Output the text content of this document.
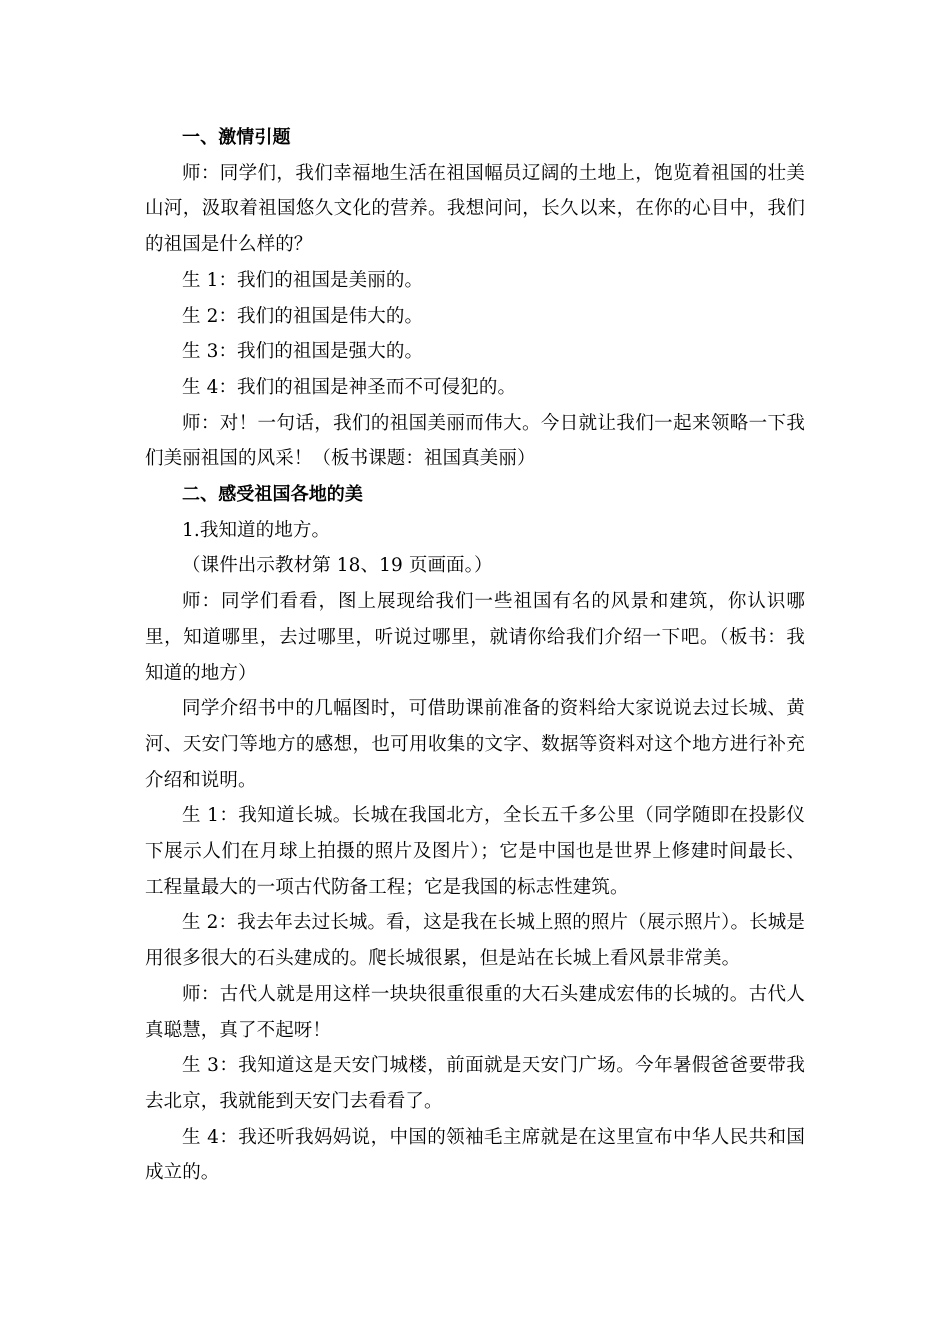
一、激情引题

师：同学们，我们幸福地生活在祖国幅员辽阔的土地上，饱览着祖国的壮美山河，汲取着祖国悠久文化的营养。我想问问，长久以来，在你的心目中，我们的祖国是什么样的？

生 1：我们的祖国是美丽的。

生 2：我们的祖国是伟大的。

生 3：我们的祖国是强大的。

生 4：我们的祖国是神圣而不可侵犯的。

师：对！一句话，我们的祖国美丽而伟大。今日就让我们一起来领略一下我们美丽祖国的风采！（板书课题：祖国真美丽）

二、感受祖国各地的美

1.我知道的地方。

（课件出示教材第 18、19 页画面。）

师：同学们看看，图上展现给我们一些祖国有名的风景和建筑，你认识哪里，知道哪里，去过哪里，听说过哪里，就请你给我们介绍一下吧。（板书：我知道的地方）

同学介绍书中的几幅图时，可借助课前准备的资料给大家说说去过长城、黄河、天安门等地方的感想，也可用收集的文字、数据等资料对这个地方进行补充介绍和说明。

生 1：我知道长城。长城在我国北方，全长五千多公里（同学随即在投影仪下展示人们在月球上拍摄的照片及图片）；它是中国也是世界上修建时间最长、工程量最大的一项古代防备工程；它是我国的标志性建筑。

生 2：我去年去过长城。看，这是我在长城上照的照片（展示照片）。长城是用很多很大的石头建成的。爬长城很累，但是站在长城上看风景非常美。

师：古代人就是用这样一块块很重很重的大石头建成宏伟的长城的。古代人真聪慧，真了不起呀！

生 3：我知道这是天安门城楼，前面就是天安门广场。今年暑假爸爸要带我去北京，我就能到天安门去看看了。

生 4：我还听我妈妈说，中国的领袖毛主席就是在这里宣布中华人民共和国成立的。
